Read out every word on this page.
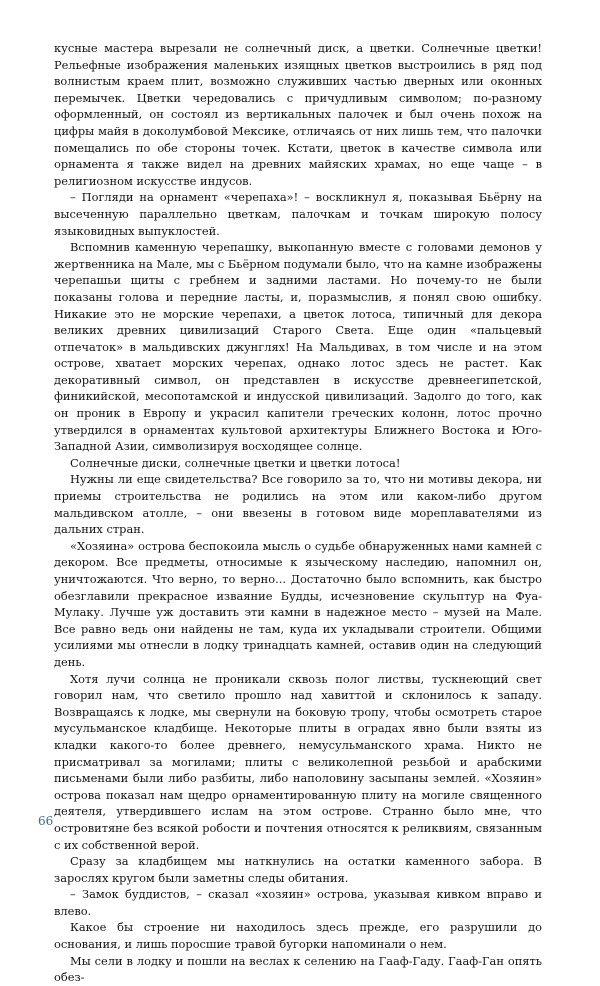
кусные мастера вырезали не солнечный диск, а цветки. Солнечные цветки! Рельефные изображения маленьких изящных цветков выстроились в ряд под волнистым краем плит, возможно служивших частью дверных или оконных перемычек. Цветки чередовались с причудливым символом; по-разному оформленный, он состоял из вертикальных палочек и был очень похож на цифры майя в доколумбовой Мексике, отличаясь от них лишь тем, что палочки помещались по обе стороны точек. Кстати, цветок в качестве символа или орнамента я также видел на древних майяских храмах, но еще чаще – в религиозном искусстве индусов.

– Погляди на орнамент «черепаха»! – воскликнул я, показывая Бьёрну на высеченную параллельно цветкам, палочкам и точкам широкую полосу языковидных выпуклостей.

Вспомнив каменную черепашку, выкопанную вместе с головами демонов у жертвенника на Мале, мы с Бьёрном подумали было, что на камне изображены черепашьи щиты с гребнем и задними ластами. Но почему-то не были показаны голова и передние ласты, и, поразмыслив, я понял свою ошибку. Никакие это не морские черепахи, а цветок лотоса, типичный для декора великих древних цивилизаций Старого Света. Еще один «пальцевый отпечаток» в мальдивских джунглях! На Мальдивах, в том числе и на этом острове, хватает морских черепах, однако лотос здесь не растет. Как декоративный символ, он представлен в искусстве древнеегипетской, финикийской, месопотамской и индусской цивилизаций. Задолго до того, как он проник в Европу и украсил капители греческих колонн, лотос прочно утвердился в орнаментах культовой архитектуры Ближнего Востока и Юго-Западной Азии, символизируя восходящее солнце.

Солнечные диски, солнечные цветки и цветки лотоса!

Нужны ли еще свидетельства? Все говорило за то, что ни мотивы декора, ни приемы строительства не родились на этом или каком-либо другом мальдивском атолле, – они ввезены в готовом виде мореплавателями из дальних стран.

«Хозяина» острова беспокоила мысль о судьбе обнаруженных нами камней с декором. Все предметы, относимые к языческому наследию, напомнил он, уничтожаются. Что верно, то верно... Достаточно было вспомнить, как быстро обезглавили прекрасное изваяние Будды, исчезновение скульптур на Фуа-Мулаку. Лучше уж доставить эти камни в надежное место – музей на Мале. Все равно ведь они найдены не там, куда их укладывали строители. Общими усилиями мы отнесли в лодку тринадцать камней, оставив один на следующий день.

Хотя лучи солнца не проникали сквозь полог листвы, тускнеющий свет говорил нам, что светило прошло над хавиттой и склонилось к западу. Возвращаясь к лодке, мы свернули на боковую тропу, чтобы осмотреть старое мусульманское кладбище. Некоторые плиты в оградах явно были взяты из кладки какого-то более древнего, немусульманского храма. Никто не присматривал за могилами; плиты с великолепной резьбой и арабскими письменами были либо разбиты, либо наполовину засыпаны землей. «Хозяин» острова показал нам щедро орнаментированную плиту на могиле священного деятеля, утвердившего ислам на этом острове. Странно было мне, что островитяне без всякой робости и почтения относятся к реликвиям, связанным с их собственной верой.

Сразу за кладбищем мы наткнулись на остатки каменного забора. В зарослях кругом были заметны следы обитания.

– Замок буддистов, – сказал «хозяин» острова, указывая кивком вправо и влево.

Какое бы строение ни находилось здесь прежде, его разрушили до основания, и лишь поросшие травой бугорки напоминали о нем.

Мы сели в лодку и пошли на веслах к селению на Гааф-Гаду. Гааф-Ган опять обез-

66
